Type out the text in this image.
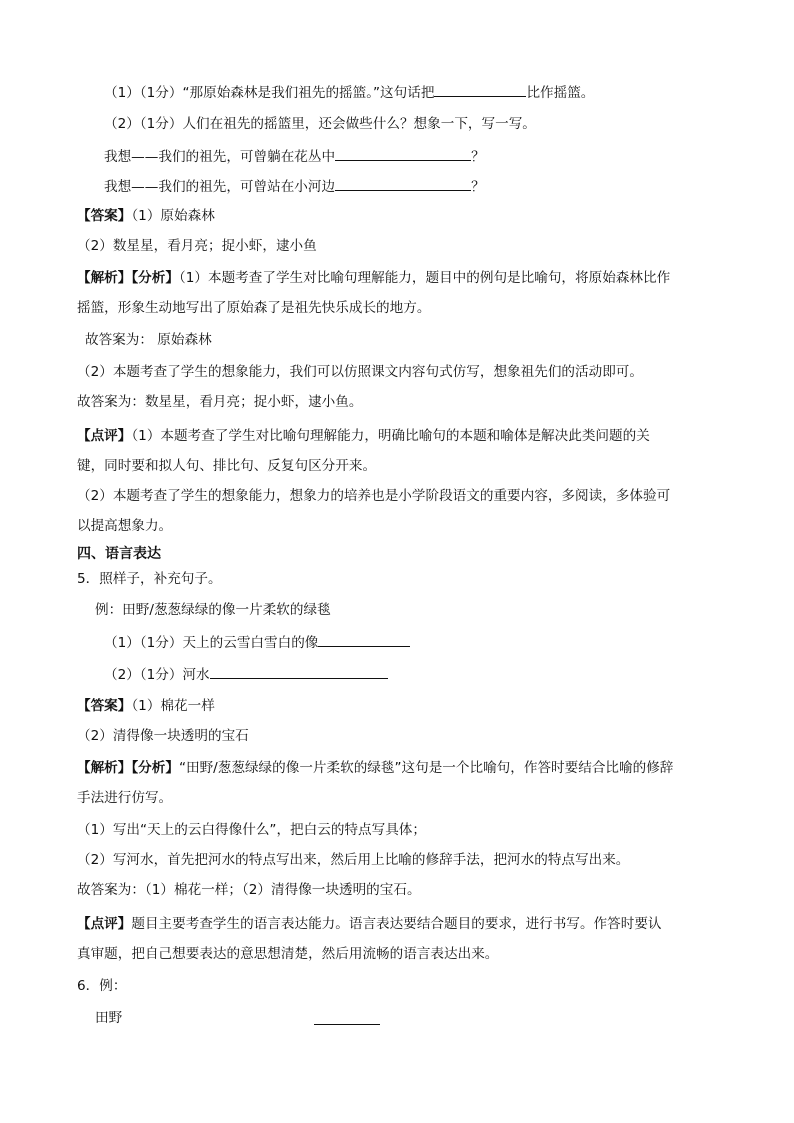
（1）（1分）“那原始森林是我们祖先的摇篮。”这句话把	比作摇篮。
（2）（1分）人们在祖先的摇篮里，还会做些什么？想象一下，写一写。
我想——我们的祖先，可曾躺在花丛中	？
我想——我们的祖先，可曾站在小河边	？
【答案】（1）原始森林
（2）数星星，看月亮；捉小虾，逮小鱼
【解析】【分析】（1）本题考查了学生对比喻句理解能力，题目中的例句是比喻句，将原始森林比作
摇篮，形象生动地写出了原始森了是祖先快乐成长的地方。
故答案为： 原始森林
（2）本题考查了学生的想象能力，我们可以仿照课文内容句式仿写，想象祖先们的活动即可。
故答案为：数星星，看月亮；捉小虾，逮小鱼。
【点评】（1）本题考查了学生对比喻句理解能力，明确比喻句的本题和喻体是解决此类问题的关
键，同时要和拟人句、排比句、反复句区分开来。
（2）本题考查了学生的想象能力，想象力的培养也是小学阶段语文的重要内容，多阅读，多体验可
以提高想象力。
四、语言表达
5．照样子，补充句子。
例：田野/葱葱绿绿的像一片柔软的绿毯
（1）（1分）天上的云雪白雪白的像
（2）（1分）河水
【答案】（1）棉花一样
（2）清得像一块透明的宝石
【解析】【分析】“田野/葱葱绿绿的像一片柔软的绿毯”这句是一个比喻句，作答时要结合比喻的修辞
手法进行仿写。
（1）写出“天上的云白得像什么”，把白云的特点写具体；
（2）写河水，首先把河水的特点写出来，然后用上比喻的修辞手法，把河水的特点写出来。
故答案为：（1）棉花一样；（2）清得像一块透明的宝石。
【点评】题目主要考查学生的语言表达能力。语言表达要结合题目的要求，进行书写。作答时要认
真审题，把自己想要表达的意思想清楚，然后用流畅的语言表达出来。
6．例：
田野
